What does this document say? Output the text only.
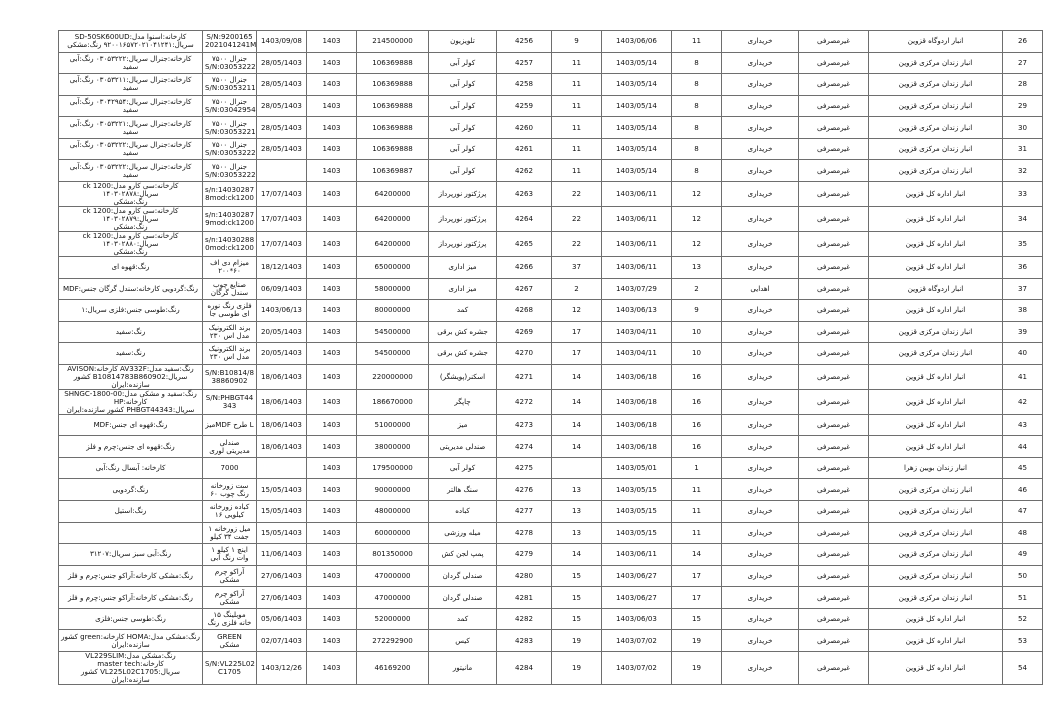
26	انبار اردوگاه قزوین	غیرمصرفی	خریداری	11	1403/06/06	9	4256	تلویزیون	214500000	1403	1403/09/08	S/N:9200165
2021041241M	کارخانه:اسنوا مدل:SD-50SK600UD
سریال:۹۲۰۰۱۶۵۷۲۰۲۱۰۴۱۲۴۱ رنگ:مشکی
27	انبار زندان مرکزی قزوین	غیرمصرفی	خریداری	8	1403/05/14	11	4257	کولر آبی	106369888	1403	28/05/1403	جنرال ۷۵۰۰
S/N:03053222	کارخانه:جنرال سریال:۰۳۰۵۳۲۲۲ رنگ:آبی سفید
28	انبار زندان مرکزی قزوین	غیرمصرفی	خریداری	8	1403/05/14	11	4258	کولر آبی	106369888	1403	28/05/1403	جنرال ۷۵۰۰
S/N:03053211	کارخانه:جنرال سریال:۰۳۰۵۳۲۱۱ رنگ:آبی سفید
29	انبار زندان مرکزی قزوین	غیرمصرفی	خریداری	8	1403/05/14	11	4259	کولر آبی	106369888	1403	28/05/1403	جنرال ۷۵۰۰
S/N:03042954	کارخانه:جنرال سریال:۰۳۰۴۲۹۵۴ رنگ:آبی سفید
30	انبار زندان مرکزی قزوین	غیرمصرفی	خریداری	8	1403/05/14	11	4260	کولر آبی	106369888	1403	28/05/1403	جنرال ۷۵۰۰
S/N:03053221	کارخانه:جنرال سریال:۰۳۰۵۳۲۲۱ رنگ:آبی سفید
31	انبار زندان مرکزی قزوین	غیرمصرفی	خریداری	8	1403/05/14	11	4261	کولر آبی	106369888	1403	28/05/1403	جنرال ۷۵۰۰
S/N:03053222	کارخانه:جنرال سریال:۰۳۰۵۳۲۲۲ رنگ:آبی سفید
32	انبار زندان مرکزی قزوین	غیرمصرفی	خریداری	8	1403/05/14	11	4262	کولر آبی	106369887	1403		جنرال ۷۵۰۰
S/N:03053222	کارخانه:جنرال سریال:۰۳۰۵۳۲۲۲ رنگ:آبی سفید
33	انبار اداره کل قزوین	غیرمصرفی	خریداری	12	1403/06/11	22	4263	پرژکتور نورپرداز	64200000	1403	17/07/1403	s/n:14030287
8mod:ck1200	کارخانه:سی کارو مدل:ck 1200 سریال:۱۴۰۳۰۲۸۷۸
رنگ:مشکی
34	انبار اداره کل قزوین	غیرمصرفی	خریداری	12	1403/06/11	22	4264	پرژکتور نورپرداز	64200000	1403	17/07/1403	s/n:14030287
9mod:ck1200	کارخانه:سی کارو مدل:ck 1200 سریال:۱۴۰۳۰۲۸۷۹
رنگ:مشکی
35	انبار اداره کل قزوین	غیرمصرفی	خریداری	12	1403/06/11	22	4265	پرژکتور نورپرداز	64200000	1403	17/07/1403	s/n:14030288
0mod:ck1200	کارخانه:سی کارو مدل:ck 1200 سریال:۱۴۰۳۰۲۸۸۰
رنگ:مشکی
36	انبار اداره کل قزوین	غیرمصرفی	خریداری	13	1403/06/11	37	4266	میز اداری	65000000	1403	18/12/1403	میزام دی اف
۲۰۰*۶۰	رنگ:قهوه ای
37	انبار اردوگاه قزوین	غیرمصرفی	اهدایی	2	1403/07/29	2	4267	میز اداری	58000000	1403	06/09/1403	صنایع چوب
سندل گرگان	رنگ:گردویی کارخانه:سندل گرگان جنس:MDF
38	انبار اداره کل قزوین	غیرمصرفی	خریداری	9	1403/06/13	12	4268	کمد	80000000	1403	1403/06/13	فلزی رنگ نوره
ای طوسی جا	رنگ:طوسی جنس:فلزی سریال:۱
39	انبار زندان مرکزی قزوین	غیرمصرفی	خریداری	10	1403/04/11	17	4269	جشره کش برقی	54500000	1403	20/05/1403	برند الکترونیک
مدل اس ۲۳۰	رنگ:سفید
40	انبار زندان مرکزی قزوین	غیرمصرفی	خریداری	10	1403/04/11	17	4270	جشره کش برقی	54500000	1403	20/05/1403	برند الکترونیک
مدل اس ۲۳۰	رنگ:سفید
41	انبار اداره کل قزوین	غیرمصرفی	خریداری	16	1403/06/18	14	4271	اسکنر(پویشگر)	220000000	1403	18/06/1403	S/N:B10814/8
38860902	رنگ:سفید مدل:AV332F کارخانه:AVISON
سریال:B10814783B860902 کشور سازنده:ایران
42	انبار اداره کل قزوین	غیرمصرفی	خریداری	16	1403/06/18	14	4272	چاپگر	186670000	1403	18/06/1403	S/N:PHBGT44
343	رنگ:سفید و مشکی مدل:SHNGC-1800-00 کارخانه:HP
سریال:PHBGT44343 کشور سازنده:ایران
43	انبار اداره کل قزوین	غیرمصرفی	خریداری	16	1403/06/18	14	4273	میز	51000000	1403	18/06/1403	میزMDF طرح L	رنگ:قهوه ای جنس:MDF
44	انبار اداره کل قزوین	غیرمصرفی	خریداری	16	1403/06/18	14	4274	صندلی مدیریتی	38000000	1403	18/06/1403	صندلی
مدیریتی لوری	رنگ:قهوه ای جنس:چرم و فلز
45	انبار زندان بویین زهرا	غیرمصرفی	خریداری	1	1403/05/01		4275	کولر آبی	179500000	1403		7000	کارخانه: آبسال رنگ:آبی
46	انبار زندان مرکزی قزوین	غیرمصرفی	خریداری	11	1403/05/15	13	4276	سنگ هالتر	90000000	1403	15/05/1403	ست زورخانه
رنگ چوب ۶۰	رنگ:گردویی
47	انبار زندان مرکزی قزوین	غیرمصرفی	خریداری	11	1403/05/15	13	4277	کباده	48000000	1403	15/05/1403	کباده زورخانه
۱۶ کیلویی	رنگ:استیل
48	انبار زندان مرکزی قزوین	غیرمصرفی	خریداری	11	1403/05/15	13	4278	میله ورزشی	60000000	1403	15/05/1403	میل زورخانه ۱
جفت ۳۴ کیلو	
49	انبار زندان مرکزی قزوین	غیرمصرفی	خریداری	14	1403/06/11	14	4279	پمپ لجن کش	801350000	1403	11/06/1403	۱ اینچ ۱ کیلو
وات رنگ آبی	رنگ:آبی سبز سریال:۳۱۲۰۷
50	انبار زندان مرکزی قزوین	غیرمصرفی	خریداری	17	1403/06/27	15	4280	صندلی گردان	47000000	1403	27/06/1403	آراکو چرم
مشکی	رنگ:مشکی کارخانه:آراکو جنس:چرم و فلز
51	انبار زندان مرکزی قزوین	غیرمصرفی	خریداری	17	1403/06/27	15	4281	صندلی گردان	47000000	1403	27/06/1403	آراکو چرم
مشکی	رنگ:مشکی کارخانه:آراکو جنس:چرم و فلز
52	انبار اداره کل قزوین	غیرمصرفی	خریداری	15	1403/06/03	15	4282	کمد	52000000	1403	05/06/1403	موبلینگ ۱۵
خانه فلزی رنگ	رنگ:طوسی جنس:فلزی
53	انبار اداره کل قزوین	غیرمصرفی	خریداری	19	1403/07/02	19	4283	کیس	272292900	1403	02/07/1403	GREEN
مشکی	رنگ:مشکی مدل:HOMA کارخانه:green کشور
سازنده:ایران
54	انبار اداره کل قزوین	غیرمصرفی	خریداری	19	1403/07/02	19	4284	مانیتور	46169200	1403	1403/12/26	S/N:VL225L02
C1705	رنگ:مشکی مدل:VL229SLIM کارخانه:master tech
سریال:VL225L02C1705 کشور سازنده:ایران
